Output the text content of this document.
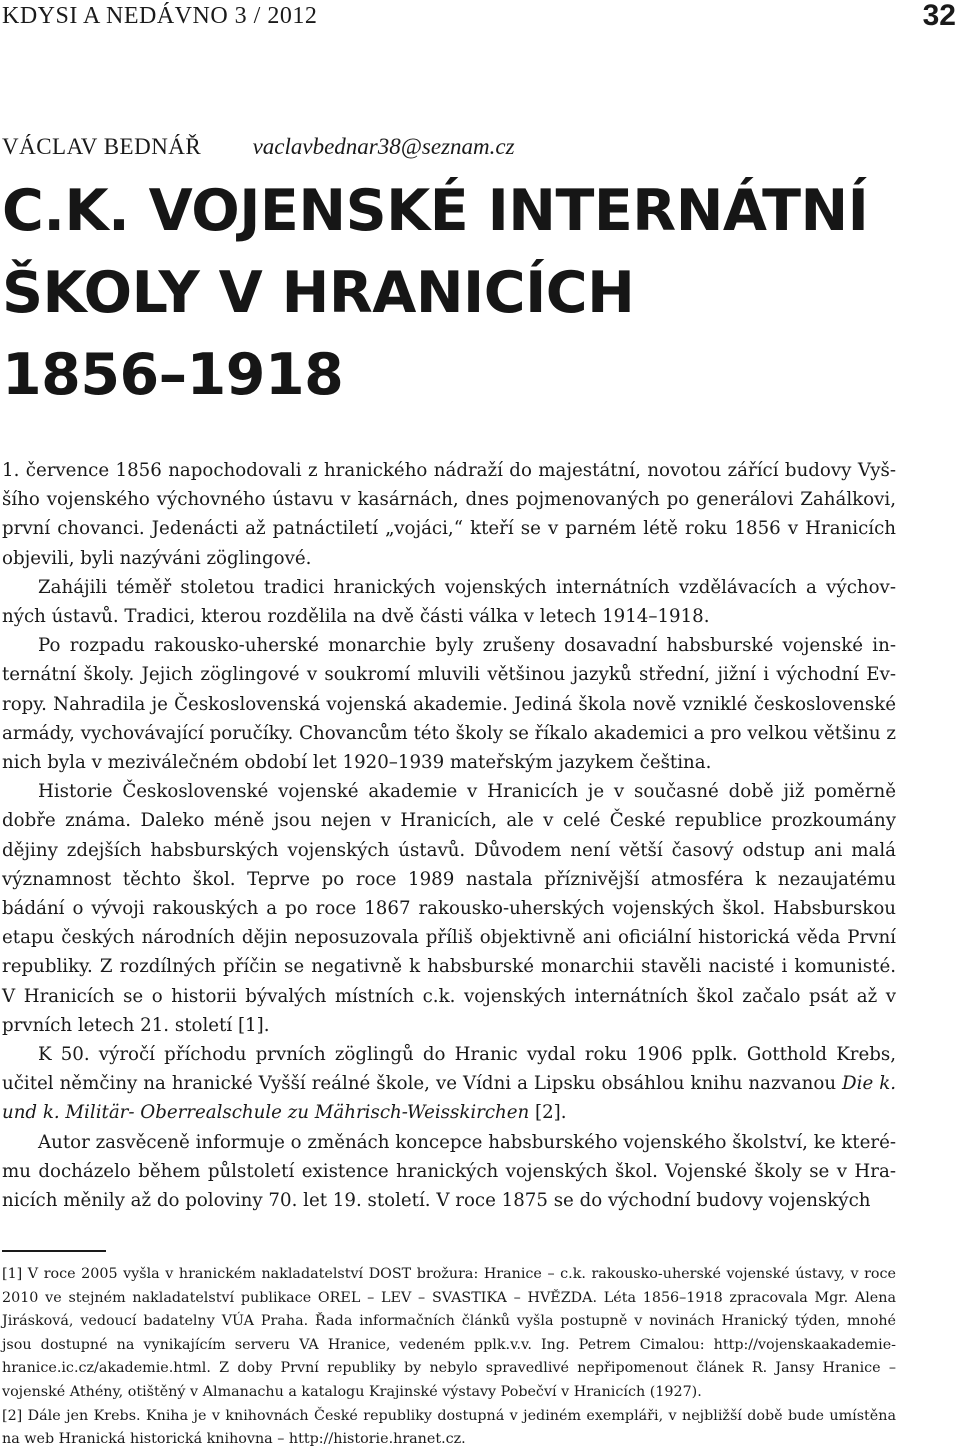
KDYSI A NEDÁVNO 3 / 2012	32
VÁCLAV BEDNÁŘ vaclavbednar38@seznam.cz
C.K. VOJENSKÉ INTERNÁTNÍ
ŠKOLY V HRANICÍCH
1856–1918

1. července 1856 napochodovali z hranického nádraží do majestátní, novotou zářící budovy Vyššího vojenského výchovného ústavu v kasárnách, dnes pojmenovaných po generálovi Zahálkovi, první chovanci. Jedenácti až patnáctiletí „vojáci,“ kteří se v parném létě roku 1856 v Hranicích objevili, byli nazýváni zöglingové.

Zahájili téměř stoletou tradici hranických vojenských internátních vzdělávacích a výchovných ústavů. Tradici, kterou rozdělila na dvě části válka v letech 1914–1918.

Po rozpadu rakousko-uherské monarchie byly zrušeny dosavadní habsburské vojenské internátní školy. Jejich zöglingové v soukromí mluvili většinou jazyků střední, jižní i východní Evropy. Nahradila je Československá vojenská akademie. Jediná škola nově vzniklé československé armády, vychovávající poručíky. Chovancům této školy se říkalo akademici a pro velkou většinu z nich byla v meziválečném období let 1920–1939 mateřským jazykem čeština.

Historie Československé vojenské akademie v Hranicích je v současné době již poměrně dobře známa. Daleko méně jsou nejen v Hranicích, ale v celé České republice prozkoumány dějiny zdejších habsburských vojenských ústavů. Důvodem není větší časový odstup ani malá významnost těchto škol. Teprve po roce 1989 nastala příznivější atmosféra k nezaujatému bádání o vývoji rakouských a po roce 1867 rakousko-uherských vojenských škol. Habsburskou etapu českých národních dějin neposuzovala příliš objektivně ani oficiální historická věda První republiky. Z rozdílných příčin se negativně k habsburské monarchii stavěli nacisté i komunisté. V Hranicích se o historii bývalých místních c.k. vojenských internátních škol začalo psát až v prvních letech 21. století [1].

K 50. výročí příchodu prvních zöglingů do Hranic vydal roku 1906 pplk. Gotthold Krebs, učitel němčiny na hranické Vyšší reálné škole, ve Vídni a Lipsku obsáhlou knihu nazvanou Die k. und k. Militär- Oberrealschule zu Mährisch-Weisskirchen [2].

Autor zasvěceně informuje o změnách koncepce habsburského vojenského školství, ke kterému docházelo během půlstoletí existence hranických vojenských škol. Vojenské školy se v Hranicích měnily až do poloviny 70. let 19. století. V roce 1875 se do východní budovy vojenských

[1] V roce 2005 vyšla v hranickém nakladatelství DOST brožura: Hranice – c.k. rakousko-uherské vojenské ústavy, v roce 2010 ve stejném nakladatelství publikace OREL – LEV – SVASTIKA – HVĚZDA. Léta 1856–1918 zpracovala Mgr. Alena Jirásková, vedoucí badatelny VÚA Praha. Řada informačních článků vyšla postupně v novinách Hranický týden, mnohé jsou dostupné na vynikajícím serveru VA Hranice, vedeném pplk.v.v. Ing. Petrem Cimalou: http://vojenskaakademiehranice.ic.cz/akademie.html. Z doby První republiky by nebylo spravedlivé nepřipomenout článek R. Jansy Hranice – vojenské Athény, otištěný v Almanachu a katalogu Krajinské výstavy Pobečví v Hranicích (1927).

[2] Dále jen Krebs. Kniha je v knihovnách České republiky dostupná v jediném exempláři, v nejbližší době bude umístěna na web Hranická historická knihovna – http://historie.hranet.cz.
